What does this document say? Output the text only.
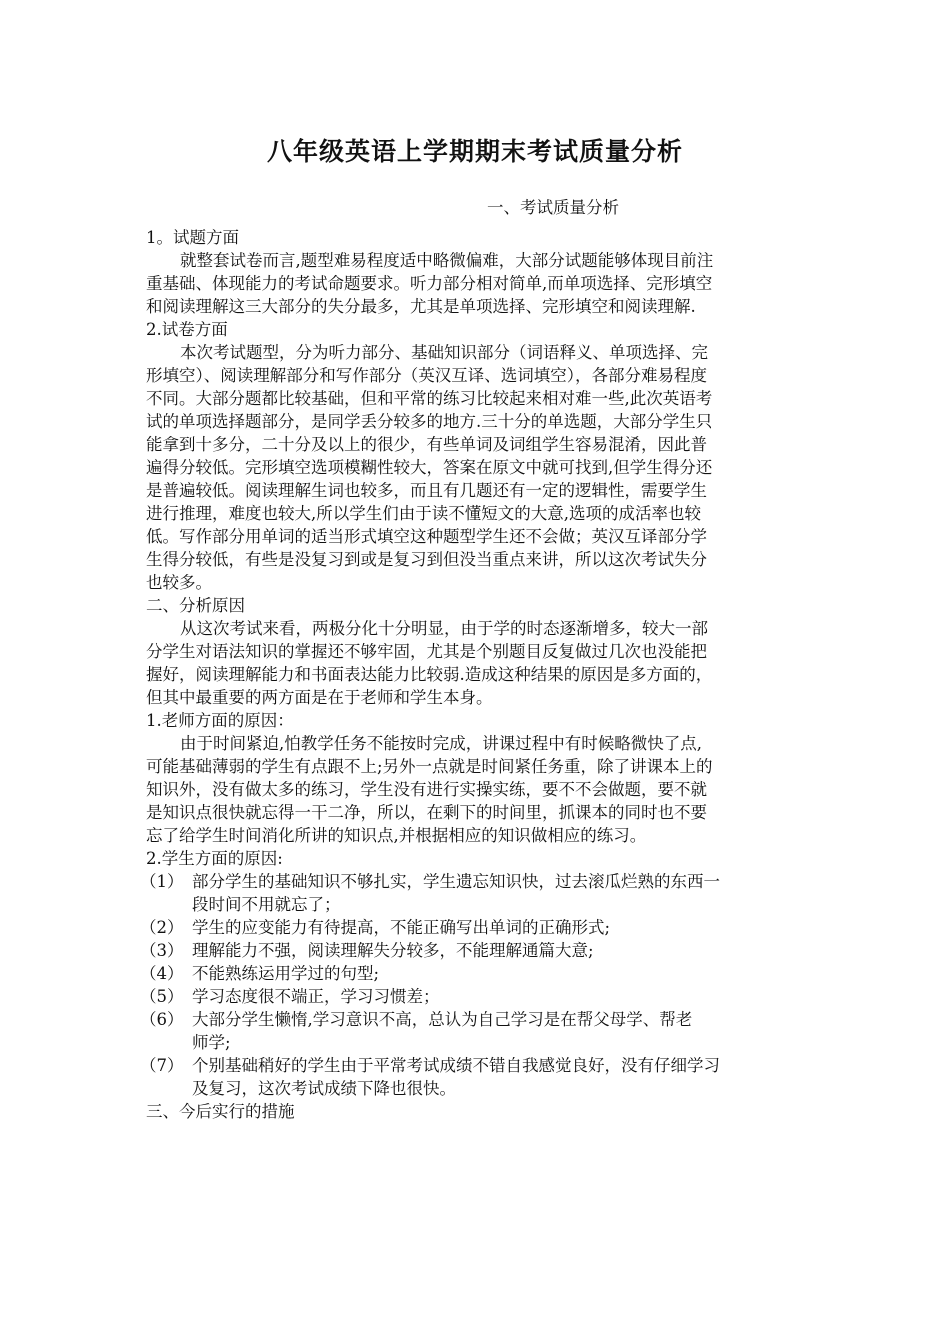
八年级英语上学期期末考试质量分析
一、考试质量分析
1。试题方面
就整套试卷而言,题型难易程度适中略微偏难，大部分试题能够体现目前注
重基础、体现能力的考试命题要求。听力部分相对简单,而单项选择、完形填空
和阅读理解这三大部分的失分最多，尤其是单项选择、完形填空和阅读理解.
2.试卷方面
本次考试题型，分为听力部分、基础知识部分（词语释义、单项选择、完
形填空）、阅读理解部分和写作部分（英汉互译、选词填空），各部分难易程度
不同。大部分题都比较基础，但和平常的练习比较起来相对难一些,此次英语考
试的单项选择题部分，是同学丢分较多的地方.三十分的单选题，大部分学生只
能拿到十多分，二十分及以上的很少，有些单词及词组学生容易混淆，因此普
遍得分较低。完形填空选项模糊性较大，答案在原文中就可找到,但学生得分还
是普遍较低。阅读理解生词也较多，而且有几题还有一定的逻辑性，需要学生
进行推理，难度也较大,所以学生们由于读不懂短文的大意,选项的成活率也较
低。写作部分用单词的适当形式填空这种题型学生还不会做；英汉互译部分学
生得分较低，有些是没复习到或是复习到但没当重点来讲，所以这次考试失分
也较多。
二、分析原因
从这次考试来看，两极分化十分明显，由于学的时态逐渐增多，较大一部
分学生对语法知识的掌握还不够牢固，尤其是个别题目反复做过几次也没能把
握好，阅读理解能力和书面表达能力比较弱.造成这种结果的原因是多方面的，
但其中最重要的两方面是在于老师和学生本身。
1.老师方面的原因：
由于时间紧迫,怕教学任务不能按时完成，讲课过程中有时候略微快了点,
可能基础薄弱的学生有点跟不上;另外一点就是时间紧任务重，除了讲课本上的
知识外，没有做太多的练习，学生没有进行实操实练，要不不会做题，要不就
是知识点很快就忘得一干二净，所以，在剩下的时间里，抓课本的同时也不要
忘了给学生时间消化所讲的知识点,并根据相应的知识做相应的练习。
2.学生方面的原因:
（1） 部分学生的基础知识不够扎实，学生遗忘知识快，过去滚瓜烂熟的东西一
段时间不用就忘了；
（2） 学生的应变能力有待提高，不能正确写出单词的正确形式;
（3） 理解能力不强，阅读理解失分较多，不能理解通篇大意;
（4） 不能熟练运用学过的句型;
（5） 学习态度很不端正，学习习惯差；
（6） 大部分学生懒惰,学习意识不高，总认为自己学习是在帮父母学、帮老
师学;
（7） 个别基础稍好的学生由于平常考试成绩不错自我感觉良好，没有仔细学习
及复习，这次考试成绩下降也很快。
三、今后实行的措施
